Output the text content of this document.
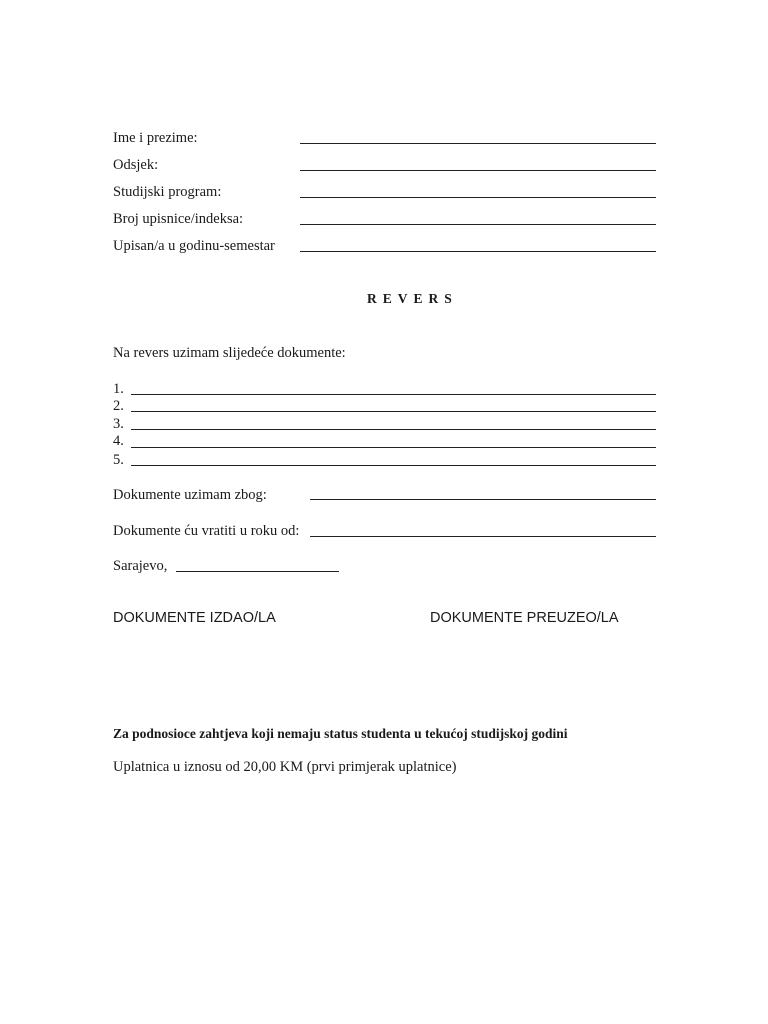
Ime i prezime:
Odsjek:
Studijski program:
Broj upisnice/indeksa:
Upisan/a u godinu-semestar
REVERS
Na revers uzimam slijedeće dokumente:
1.
2.
3.
4.
5.
Dokumente uzimam zbog:
Dokumente ću vratiti u roku od:
Sarajevo,
DOKUMENTE IZDAO/LA	DOKUMENTE PREUZEO/LA
Za podnosioce zahtjeva koji nemaju status studenta u tekućoj studijskoj godini
Uplatnica u iznosu od 20,00 KM (prvi primjerak uplatnice)
